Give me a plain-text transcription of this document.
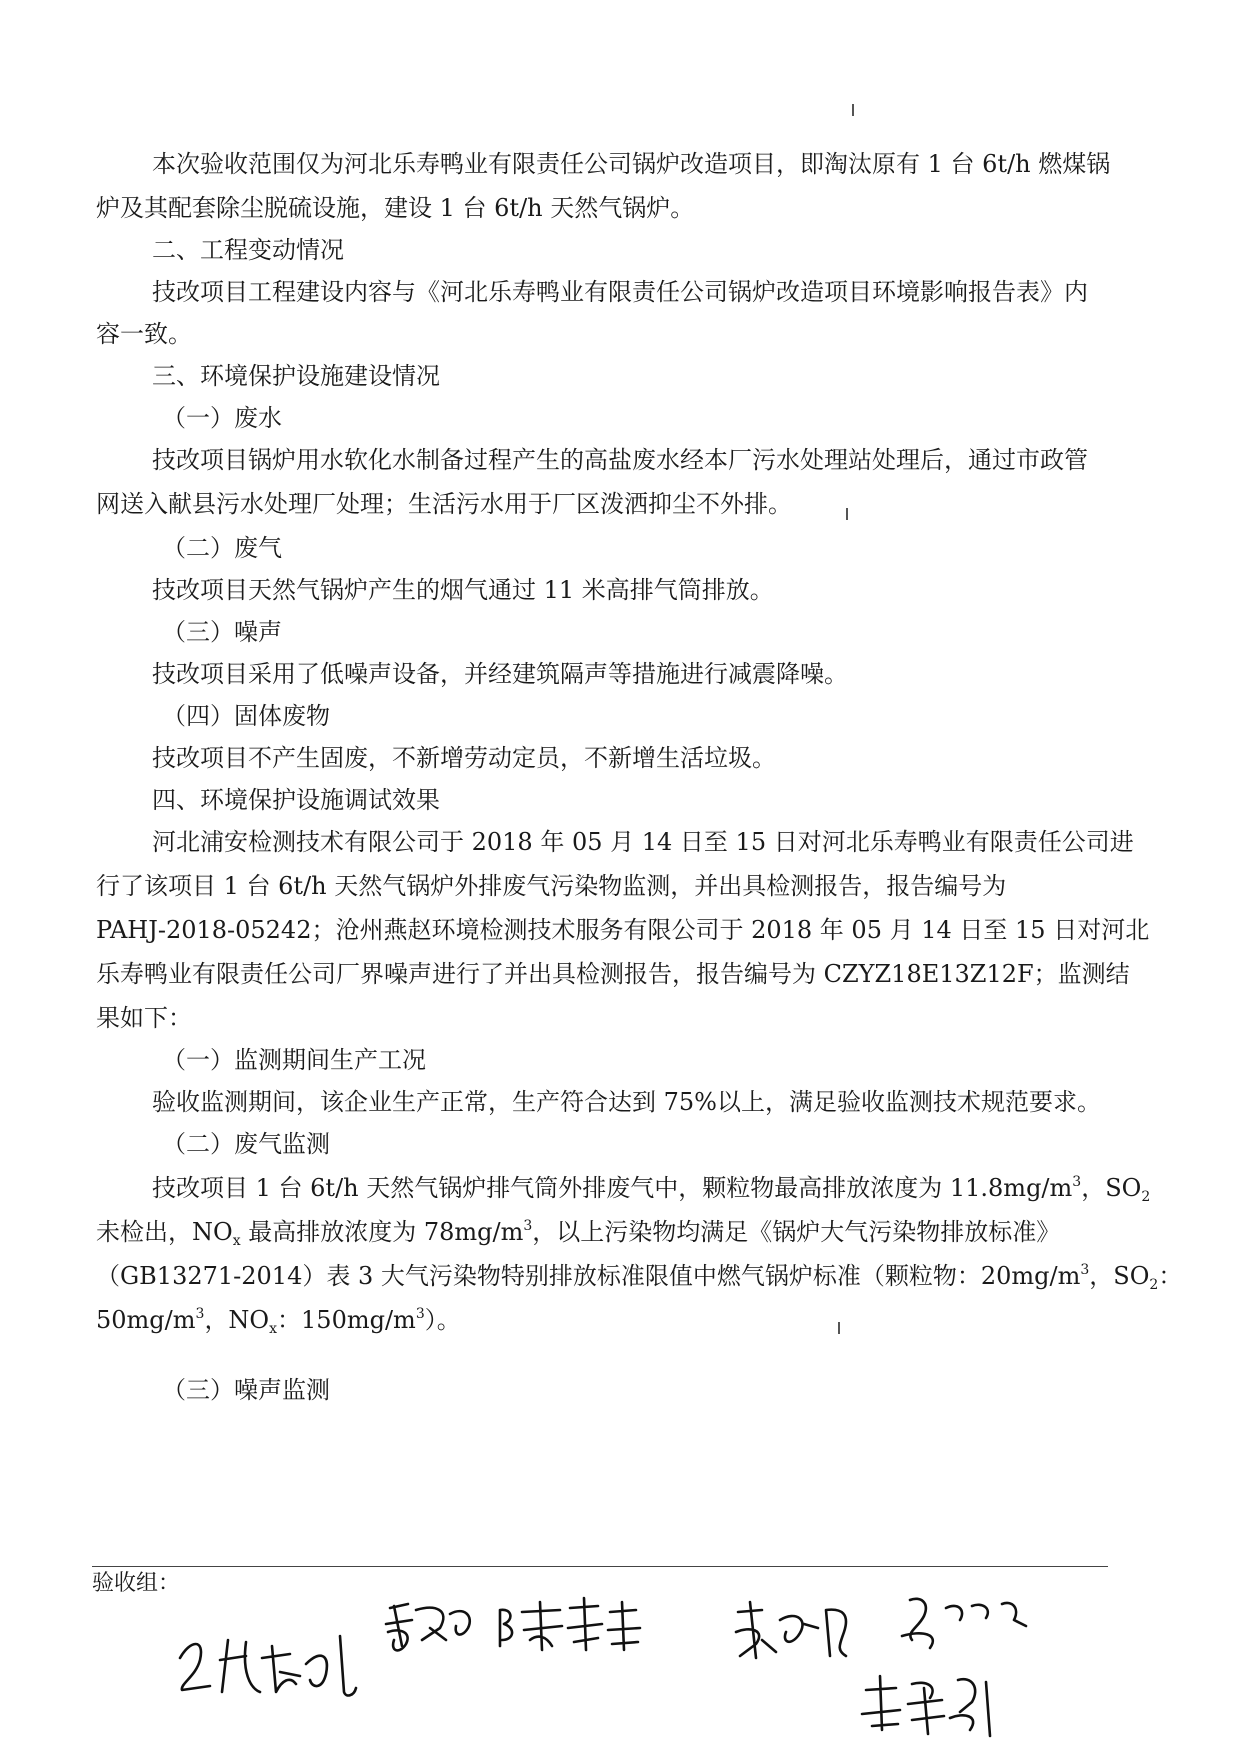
本次验收范围仅为河北乐寿鸭业有限责任公司锅炉改造项目，即淘汰原有 1 台 6t/h 燃煤锅
炉及其配套除尘脱硫设施，建设 1 台 6t/h 天然气锅炉。
二、工程变动情况
技改项目工程建设内容与《河北乐寿鸭业有限责任公司锅炉改造项目环境影响报告表》内
容一致。
三、环境保护设施建设情况
（一）废水
技改项目锅炉用水软化水制备过程产生的高盐废水经本厂污水处理站处理后，通过市政管
网送入献县污水处理厂处理；生活污水用于厂区泼洒抑尘不外排。
（二）废气
技改项目天然气锅炉产生的烟气通过 11 米高排气筒排放。
（三）噪声
技改项目采用了低噪声设备，并经建筑隔声等措施进行减震降噪。
（四）固体废物
技改项目不产生固废，不新增劳动定员，不新增生活垃圾。
四、环境保护设施调试效果
河北浦安检测技术有限公司于 2018 年 05 月 14 日至 15 日对河北乐寿鸭业有限责任公司进
行了该项目 1 台 6t/h 天然气锅炉外排废气污染物监测，并出具检测报告，报告编号为
PAHJ-2018-05242；沧州燕赵环境检测技术服务有限公司于 2018 年 05 月 14 日至 15 日对河北
乐寿鸭业有限责任公司厂界噪声进行了并出具检测报告，报告编号为 CZYZ18E13Z12F；监测结
果如下：
（一）监测期间生产工况
验收监测期间，该企业生产正常，生产符合达到 75%以上，满足验收监测技术规范要求。
（二）废气监测
技改项目 1 台 6t/h 天然气锅炉排气筒外排废气中，颗粒物最高排放浓度为 $11.8mg/m^3$，$SO_2$
未检出，$NO_x$ 最高排放浓度为 $78mg/m^3$，以上污染物均满足《锅炉大气污染物排放标准》
（GB13271-2014）表 3 大气污染物特别排放标准限值中燃气锅炉标准（颗粒物：$20mg/m^3$，$SO_2$：
$50mg/m^3$，$NO_x$：$150mg/m^3$）。
（三）噪声监测
验收组：
